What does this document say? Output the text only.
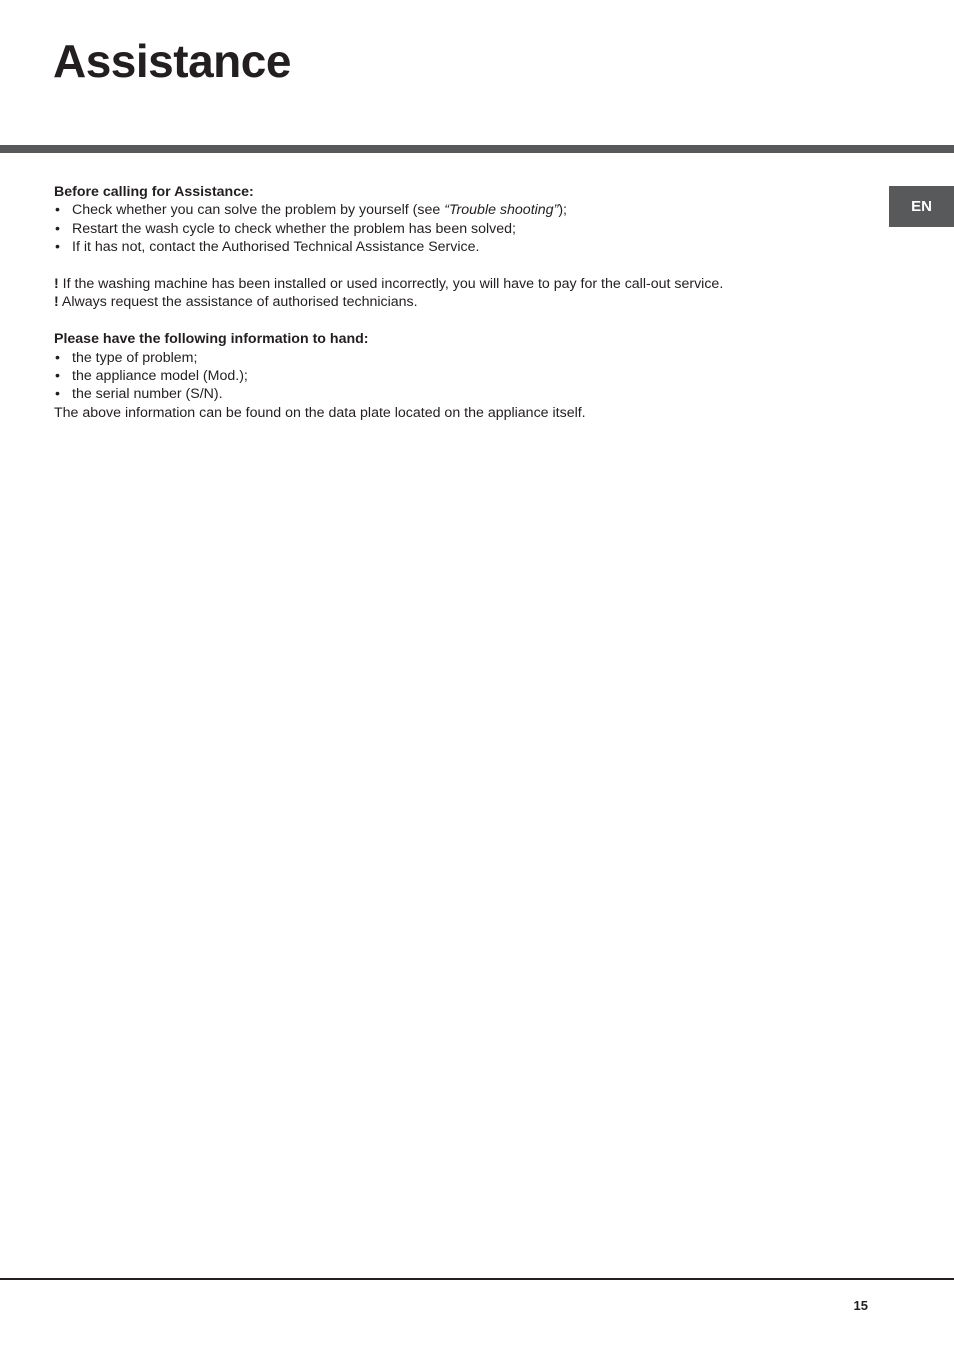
Assistance
EN

Before calling for Assistance:

• Check whether you can solve the problem by yourself (see “Trouble shooting”);
• Restart the wash cycle to check whether the problem has been solved;
• If it has not, contact the Authorised Technical Assistance Service.

! If the washing machine has been installed or used incorrectly, you will have to pay for the call-out service.

! Always request the assistance of authorised technicians.

Please have the following information to hand:

• the type of problem;
• the appliance model (Mod.);
• the serial number (S/N).

The above information can be found on the data plate located on the appliance itself.

15
